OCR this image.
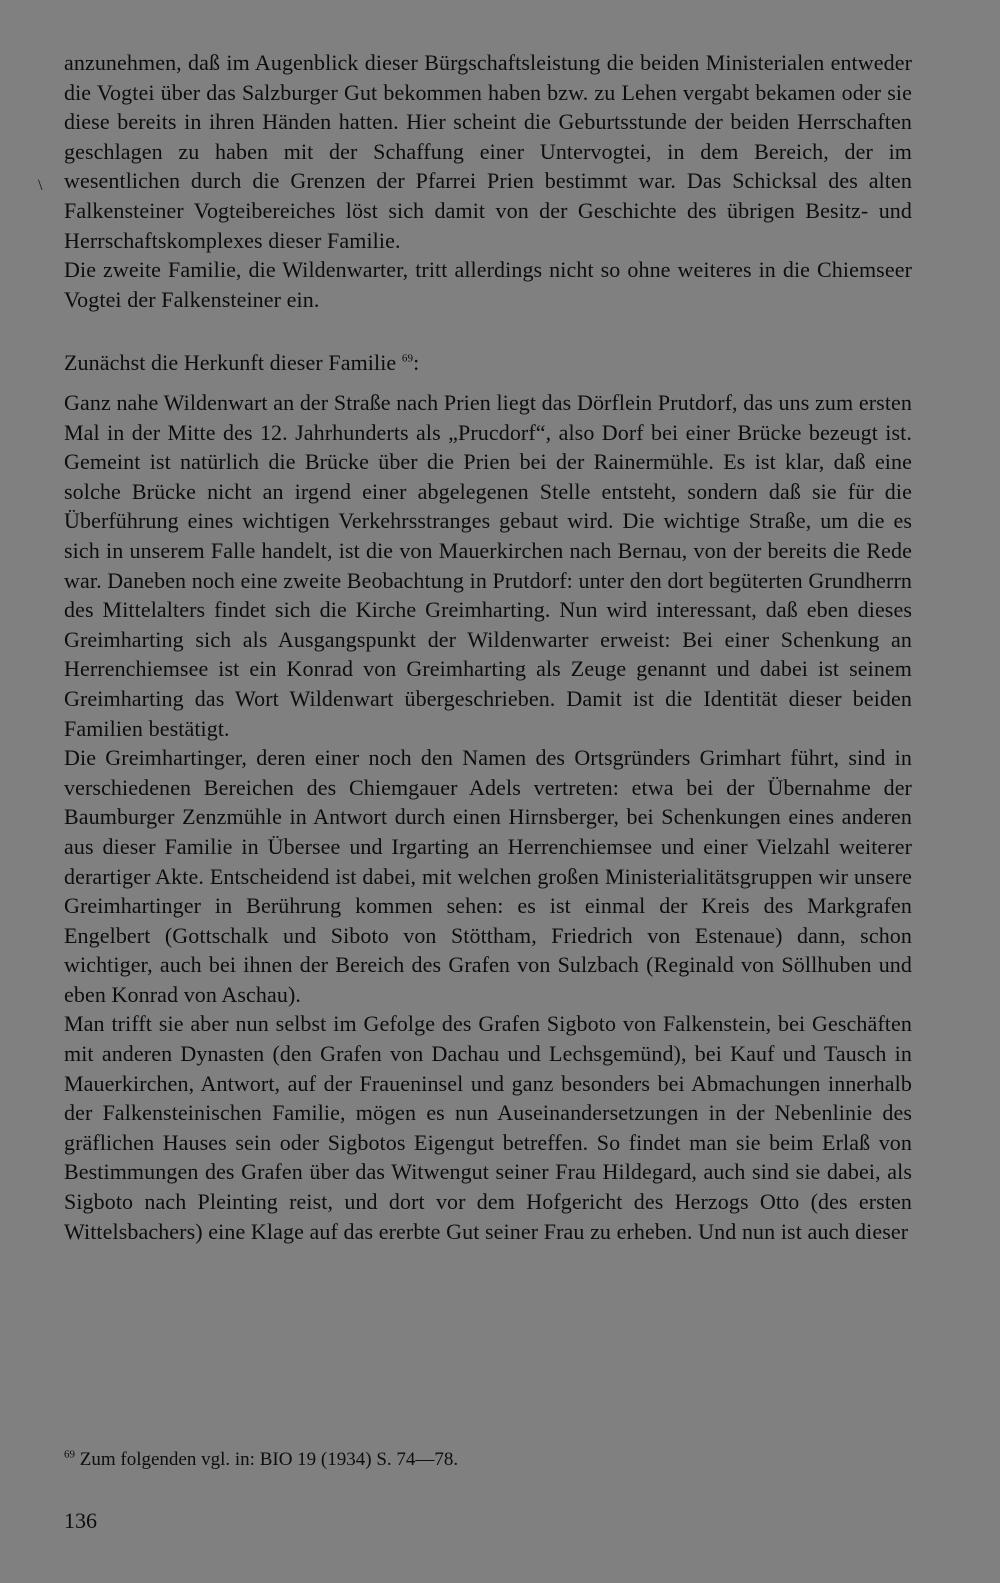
\

anzunehmen, daß im Augenblick dieser Bürgschaftsleistung die beiden Ministerialen entweder die Vogtei über das Salzburger Gut bekommen haben bzw. zu Lehen vergabt bekamen oder sie diese bereits in ihren Händen hatten. Hier scheint die Geburtsstunde der beiden Herrschaften geschlagen zu haben mit der Schaffung einer Untervogtei, in dem Bereich, der im wesentlichen durch die Grenzen der Pfarrei Prien bestimmt war. Das Schicksal des alten Falkensteiner Vogteibereiches löst sich damit von der Geschichte des übrigen Besitz- und Herrschaftskomplexes dieser Familie.

Die zweite Familie, die Wildenwarter, tritt allerdings nicht so ohne weiteres in die Chiemseer Vogtei der Falkensteiner ein.

Zunächst die Herkunft dieser Familie $^{69}$:

Ganz nahe Wildenwart an der Straße nach Prien liegt das Dörflein Prutdorf, das uns zum ersten Mal in der Mitte des 12. Jahrhunderts als „Prucdorf“, also Dorf bei einer Brücke bezeugt ist. Gemeint ist natürlich die Brücke über die Prien bei der Rainermühle. Es ist klar, daß eine solche Brücke nicht an irgend einer abgelegenen Stelle entsteht, sondern daß sie für die Überführung eines wichtigen Verkehrsstranges gebaut wird. Die wichtige Straße, um die es sich in unserem Falle handelt, ist die von Mauerkirchen nach Bernau, von der bereits die Rede war. Daneben noch eine zweite Beobachtung in Prutdorf: unter den dort begüterten Grundherrn des Mittelalters findet sich die Kirche Greimharting. Nun wird interessant, daß eben dieses Greimharting sich als Ausgangspunkt der Wildenwarter erweist: Bei einer Schenkung an Herrenchiemsee ist ein Konrad von Greimharting als Zeuge genannt und dabei ist seinem Greimharting das Wort Wildenwart übergeschrieben. Damit ist die Identität dieser beiden Familien bestätigt.

Die Greimhartinger, deren einer noch den Namen des Ortsgründers Grimhart führt, sind in verschiedenen Bereichen des Chiemgauer Adels vertreten: etwa bei der Übernahme der Baumburger Zenzmühle in Antwort durch einen Hirnsberger, bei Schenkungen eines anderen aus dieser Familie in Übersee und Irgarting an Herrenchiemsee und einer Vielzahl weiterer derartiger Akte. Entscheidend ist dabei, mit welchen großen Ministerialitätsgruppen wir unsere Greimhartinger in Berührung kommen sehen: es ist einmal der Kreis des Markgrafen Engelbert (Gottschalk und Siboto von Stöttham, Friedrich von Estenaue) dann, schon wichtiger, auch bei ihnen der Bereich des Grafen von Sulzbach (Reginald von Söllhuben und eben Konrad von Aschau).

Man trifft sie aber nun selbst im Gefolge des Grafen Sigboto von Falkenstein, bei Geschäften mit anderen Dynasten (den Grafen von Dachau und Lechsgemünd), bei Kauf und Tausch in Mauerkirchen, Antwort, auf der Fraueninsel und ganz besonders bei Abmachungen innerhalb der Falkensteinischen Familie, mögen es nun Auseinandersetzungen in der Nebenlinie des gräflichen Hauses sein oder Sigbotos Eigengut betreffen. So findet man sie beim Erlaß von Bestimmungen des Grafen über das Witwengut seiner Frau Hildegard, auch sind sie dabei, als Sigboto nach Pleinting reist, und dort vor dem Hofgericht des Herzogs Otto (des ersten Wittelsbachers) eine Klage auf das ererbte Gut seiner Frau zu erheben. Und nun ist auch dieser

$^{69}$ Zum folgenden vgl. in: BIO 19 (1934) S. 74—78.
136
